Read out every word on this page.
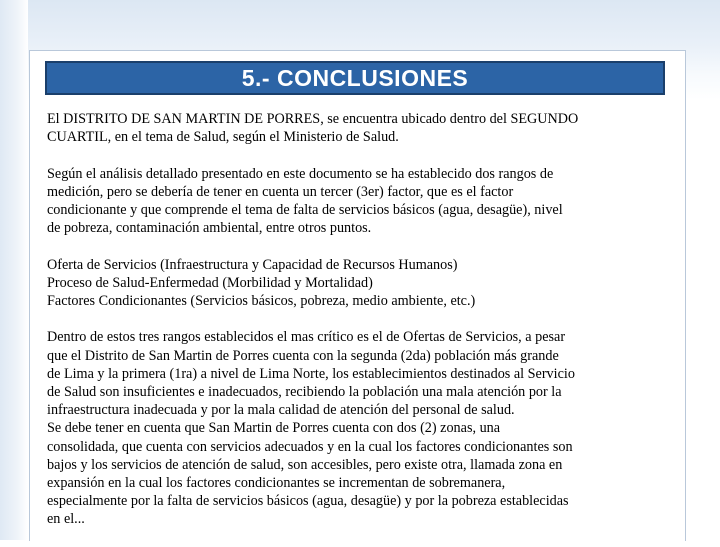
5.- CONCLUSIONES

El DISTRITO DE SAN MARTIN DE PORRES, se encuentra ubicado dentro del SEGUNDO
CUARTIL, en el tema de Salud, según el Ministerio de Salud.

Según el análisis detallado presentado en este documento se ha establecido dos rangos de
medición, pero se debería de tener en cuenta un tercer (3er) factor, que es el factor
condicionante y que comprende el tema de falta de servicios básicos (agua, desagüe), nivel
de pobreza, contaminación ambiental, entre otros puntos.

Oferta de Servicios (Infraestructura y Capacidad de Recursos Humanos)
Proceso de Salud-Enfermedad (Morbilidad y Mortalidad)
Factores Condicionantes (Servicios básicos, pobreza, medio ambiente, etc.)

Dentro de estos tres rangos establecidos el mas crítico es el de Ofertas de Servicios, a pesar
que el Distrito de San Martin de Porres cuenta con la segunda (2da) población más grande
de Lima y la primera (1ra) a nivel de Lima Norte, los establecimientos destinados al Servicio
de Salud son insuficientes e inadecuados, recibiendo la población una mala atención por la
infraestructura inadecuada y por la mala calidad de atención del personal de salud.
Se debe tener en cuenta que San Martin de Porres cuenta con dos (2) zonas, una
consolidada, que cuenta con servicios adecuados y en la cual los factores condicionantes son
bajos y los servicios de atención de salud, son accesibles, pero existe otra, llamada zona en
expansión en la cual los factores condicionantes se incrementan de sobremanera,
especialmente por la falta de servicios básicos (agua, desagüe) y por la pobreza establecidas
en el...
